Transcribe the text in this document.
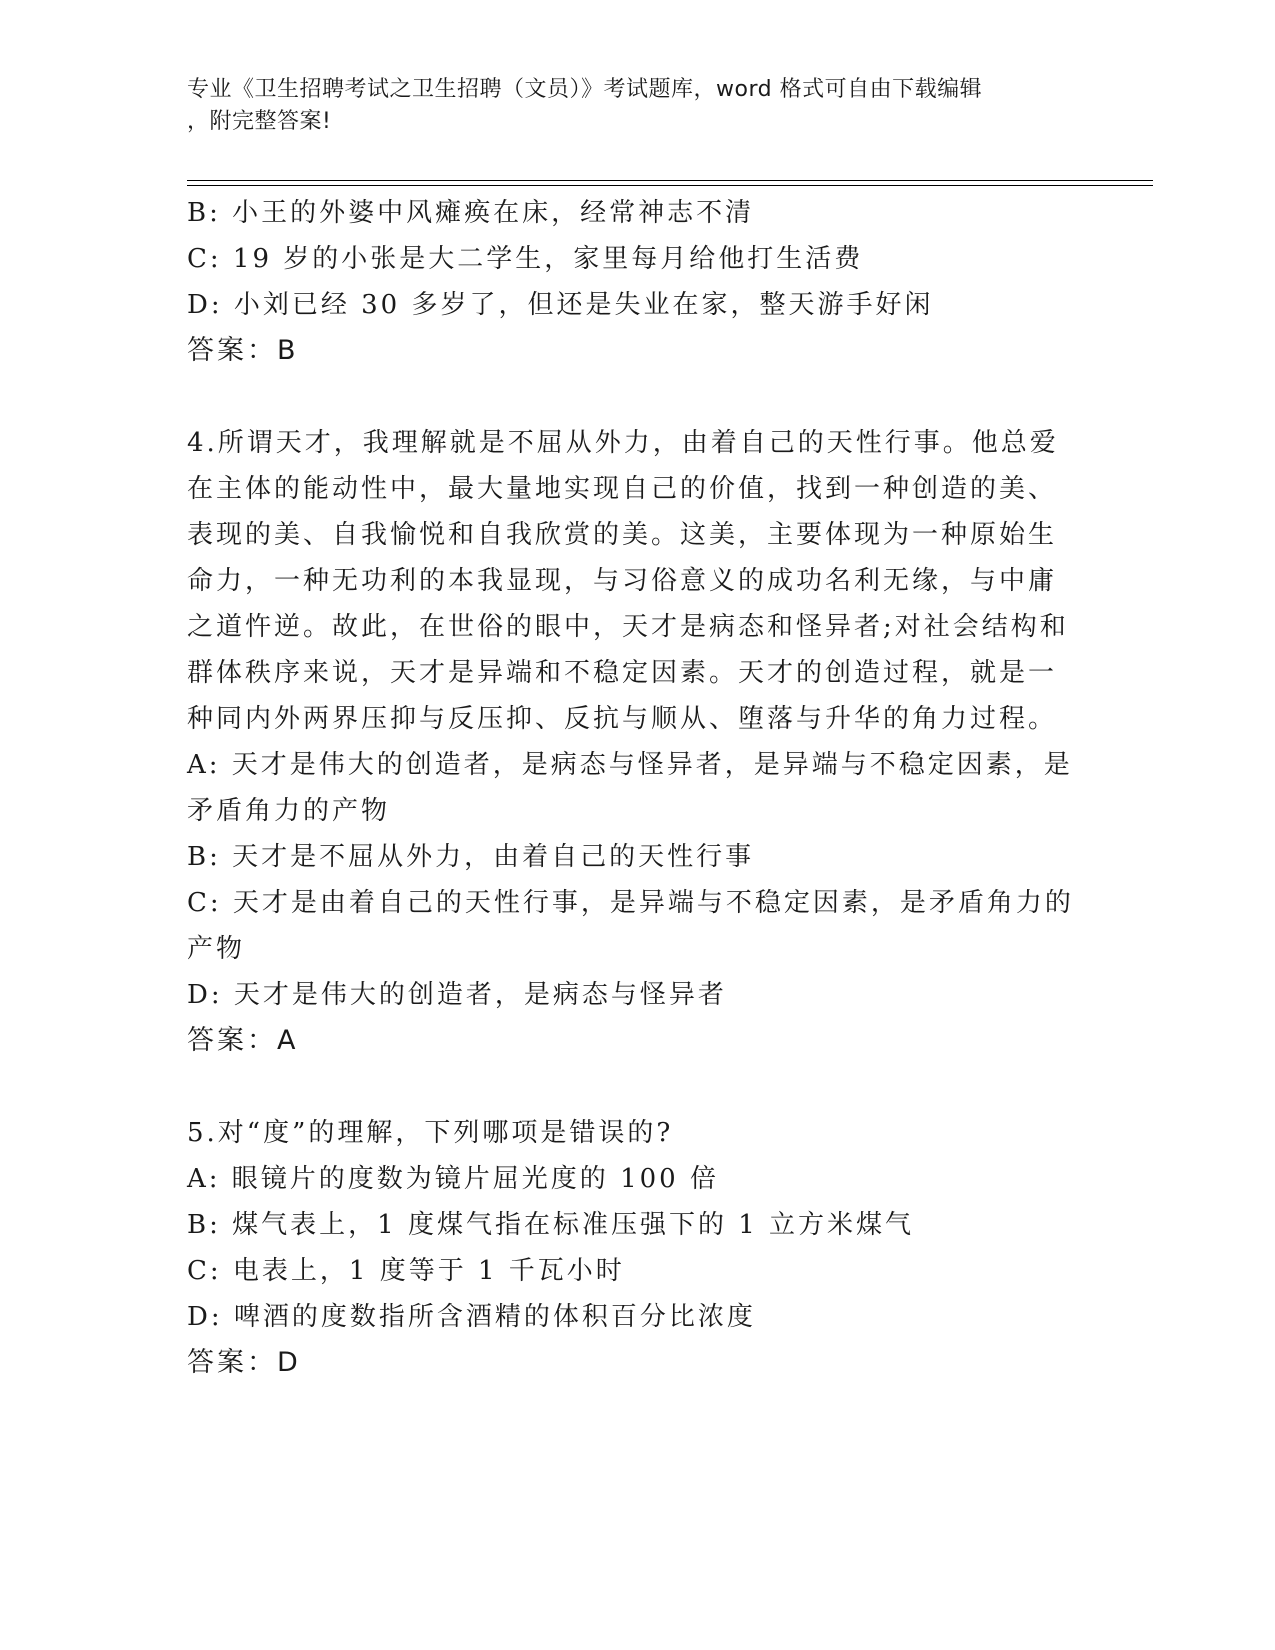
专业《卫生招聘考试之卫生招聘（文员）》考试题库，word 格式可自由下载编辑
，附完整答案!
B: 小王的外婆中风瘫痪在床，经常神志不清
C: 19 岁的小张是大二学生，家里每月给他打生活费
D: 小刘已经 30 多岁了，但还是失业在家，整天游手好闲
答案：B
4.所谓天才，我理解就是不屈从外力，由着自己的天性行事。他总爱
在主体的能动性中，最大量地实现自己的价值，找到一种创造的美、
表现的美、自我愉悦和自我欣赏的美。这美，主要体现为一种原始生
命力，一种无功利的本我显现，与习俗意义的成功名利无缘，与中庸
之道忤逆。故此，在世俗的眼中，天才是病态和怪异者;对社会结构和
群体秩序来说，天才是异端和不稳定因素。天才的创造过程，就是一
种同内外两界压抑与反压抑、反抗与顺从、堕落与升华的角力过程。
A: 天才是伟大的创造者，是病态与怪异者，是异端与不稳定因素，是
矛盾角力的产物
B: 天才是不屈从外力，由着自己的天性行事
C: 天才是由着自己的天性行事，是异端与不稳定因素，是矛盾角力的
产物
D: 天才是伟大的创造者，是病态与怪异者
答案：A
5.对“度”的理解，下列哪项是错误的?
A: 眼镜片的度数为镜片屈光度的 100 倍
B: 煤气表上，1 度煤气指在标准压强下的 1 立方米煤气
C: 电表上，1 度等于 1 千瓦小时
D: 啤酒的度数指所含酒精的体积百分比浓度
答案：D
